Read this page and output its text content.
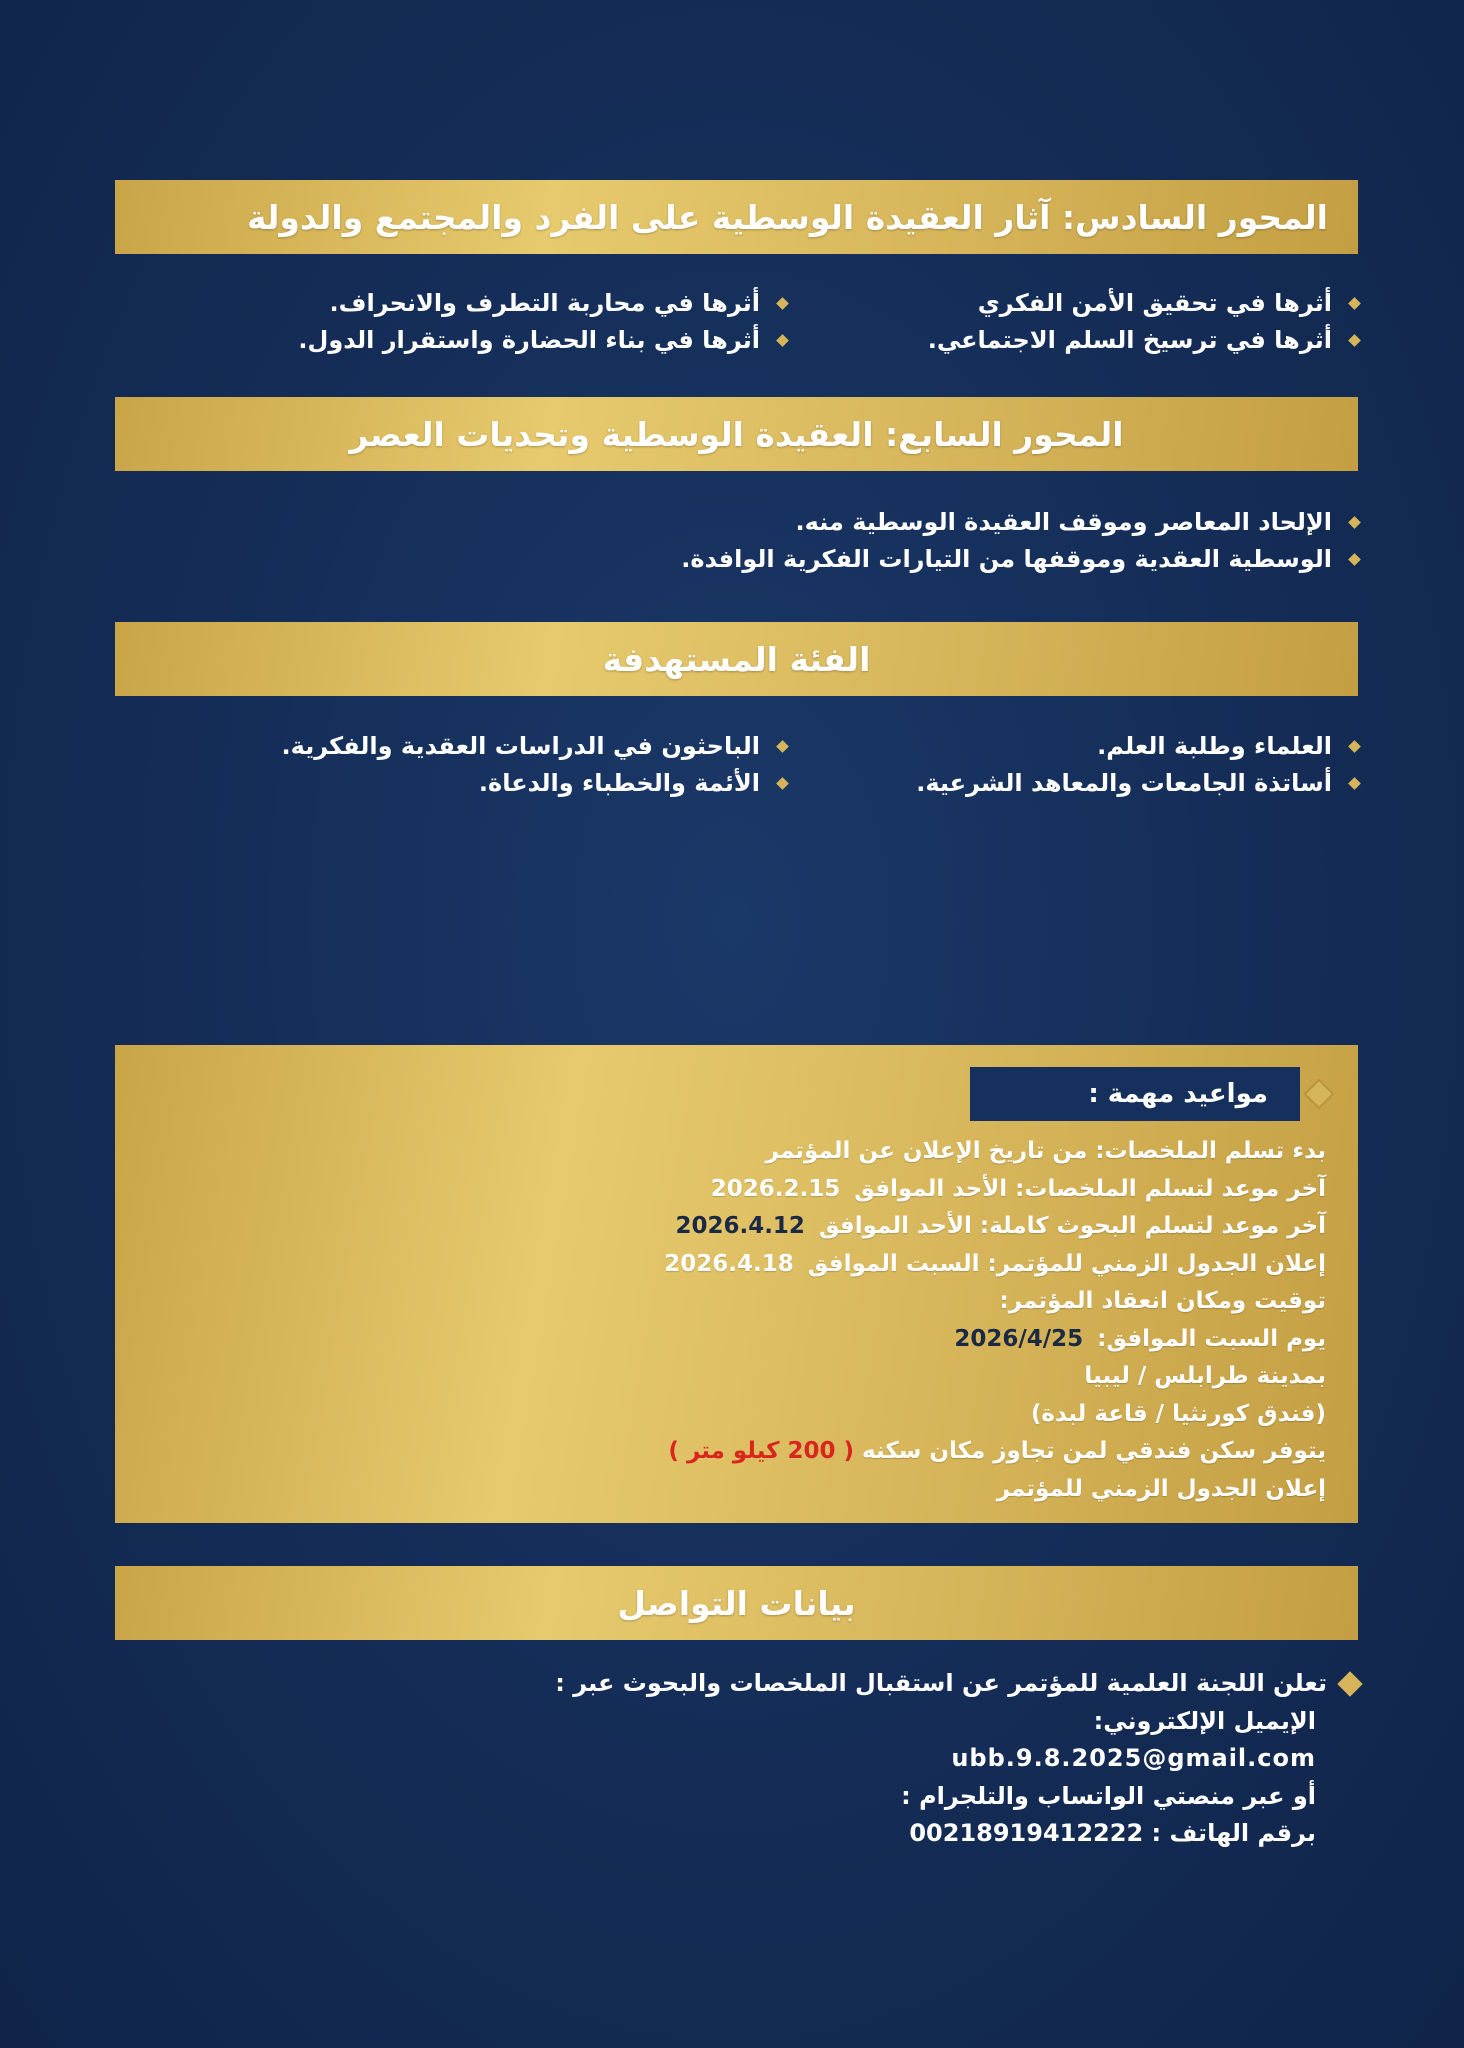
المحور السادس: آثار العقيدة الوسطية على الفرد والمجتمع والدولة
أثرها في تحقيق الأمن الفكري
أثرها في ترسيخ السلم الاجتماعي.
أثرها في محاربة التطرف والانحراف.
أثرها في بناء الحضارة واستقرار الدول.
المحور السابع: العقيدة الوسطية وتحديات العصر
الإلحاد المعاصر وموقف العقيدة الوسطية منه.
الوسطية العقدية وموقفها من التيارات الفكرية الوافدة.
الفئة المستهدفة
العلماء وطلبة العلم.
أساتذة الجامعات والمعاهد الشرعية.
الباحثون في الدراسات العقدية والفكرية.
الأئمة والخطباء والدعاة.
مواعيد مهمة :
بدء تسلم الملخصات: من تاريخ الإعلان عن المؤتمر
آخر موعد لتسلم الملخصات: الأحد الموافق 2026.2.15
آخر موعد لتسلم البحوث كاملة: الأحد الموافق 2026.4.12
إعلان الجدول الزمني للمؤتمر: السبت الموافق 2026.4.18
توقيت ومكان انعقاد المؤتمر:
يوم السبت الموافق: 2026/4/25
بمدينة طرابلس / ليبيا
(فندق كورنثيا / قاعة لبدة)
يتوفر سكن فندقي لمن تجاوز مكان سكنه ( 200 كيلو متر )
إعلان الجدول الزمني للمؤتمر
بيانات التواصل
تعلن اللجنة العلمية للمؤتمر عن استقبال الملخصات والبحوث عبر :
الإيميل الإلكتروني:
ubb.9.8.2025@gmail.com
أو عبر منصتي الواتساب والتلجرام :
برقم الهاتف :

00218919412222
